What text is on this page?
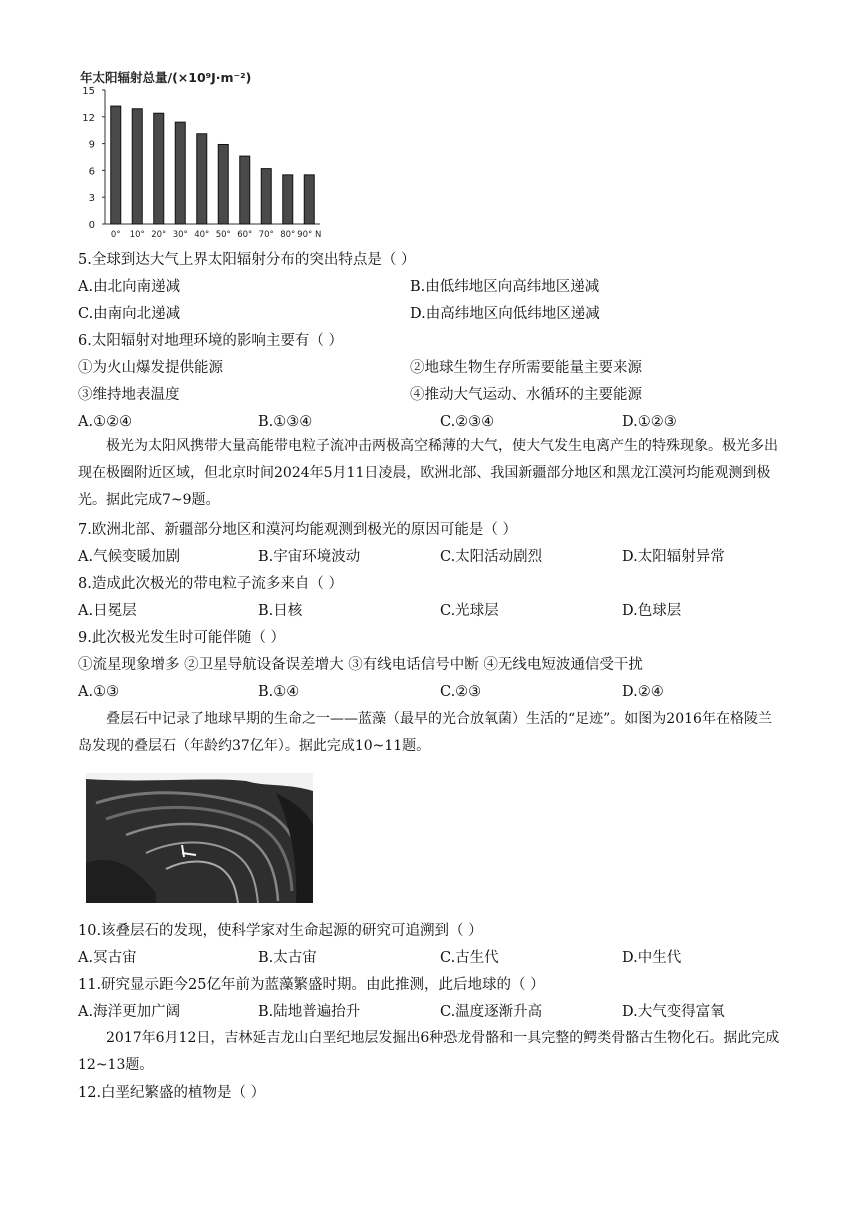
年太阳辐射总量/(×10⁹J·m⁻²)
0
3
6
9
12
15
0° 10° 20° 30° 40° 50° 60° 70° 80° 90° N
5.全球到达大气上界太阳辐射分布的突出特点是（ ）
A.由北向南递减	B.由低纬地区向高纬地区递减
C.由南向北递减	D.由高纬地区向低纬地区递减
6.太阳辐射对地理环境的影响主要有（ ）
①为火山爆发提供能源	②地球生物生存所需要能量主要来源
③维持地表温度	④推动大气运动、水循环的主要能源
A.①②④	B.①③④	C.②③④	D.①②③
极光为太阳风携带大量高能带电粒子流冲击两极高空稀薄的大气，使大气发生电离产生的特殊现象。极光多出现在极圈附近区域，但北京时间2024年5月11日凌晨，欧洲北部、我国新疆部分地区和黑龙江漠河均能观测到极光。据此完成7~9题。
7.欧洲北部、新疆部分地区和漠河均能观测到极光的原因可能是（ ）
A.气候变暖加剧	B.宇宙环境波动	C.太阳活动剧烈	D.太阳辐射异常
8.造成此次极光的带电粒子流多来自（ ）
A.日冕层	B.日核	C.光球层	D.色球层
9.此次极光发生时可能伴随（ ）
①流星现象增多 ②卫星导航设备误差增大 ③有线电话信号中断 ④无线电短波通信受干扰
A.①③	B.①④	C.②③	D.②④
叠层石中记录了地球早期的生命之一——蓝藻（最早的光合放氧菌）生活的“足迹”。如图为2016年在格陵兰岛发现的叠层石（年龄约37亿年）。据此完成10~11题。
10.该叠层石的发现，使科学家对生命起源的研究可追溯到（ ）
A.冥古宙	B.太古宙	C.古生代	D.中生代
11.研究显示距今25亿年前为蓝藻繁盛时期。由此推测，此后地球的（ ）
A.海洋更加广阔	B.陆地普遍抬升	C.温度逐渐升高	D.大气变得富氧
2017年6月12日，吉林延吉龙山白垩纪地层发掘出6种恐龙骨骼和一具完整的鳄类骨骼古生物化石。据此完成12~13题。
12.白垩纪繁盛的植物是（ ）
